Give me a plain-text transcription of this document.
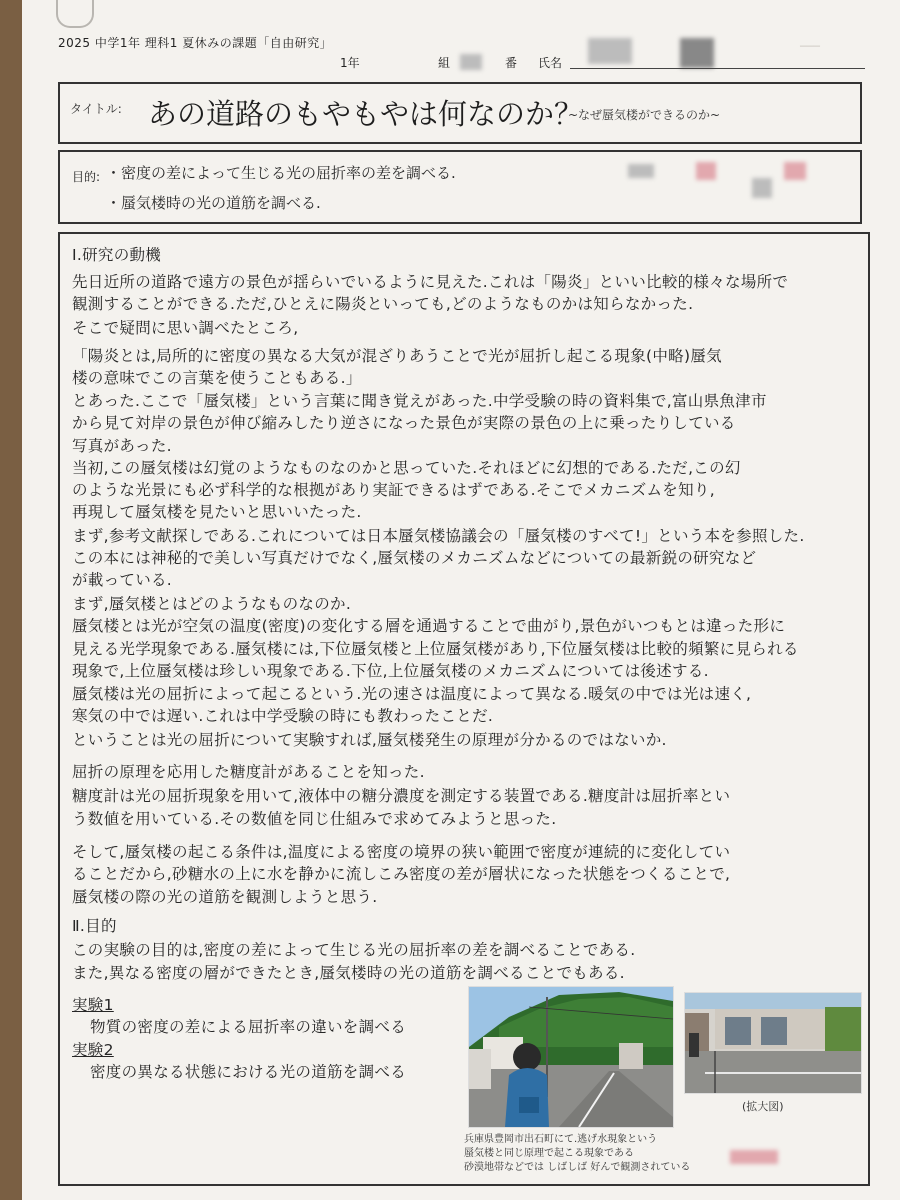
2025 中学1年 理科1 夏休みの課題「自由研究」	───
1年	組	番 氏名
タイトル: あの道路のもやもやは何なのか？
~なぜ蜃気楼ができるのか~
目的: ・密度の差によって生じる光の屈折率の差を調べる.
・蜃気楼時の光の道筋を調べる.
Ⅰ.研究の動機
先日近所の道路で遠方の景色が揺らいでいるように見えた.これは「陽炎」といい比較的様々な場所で
観測することができる.ただ,ひとえに陽炎といっても,どのようなものかは知らなかった.
そこで疑問に思い調べたところ,
「陽炎とは,局所的に密度の異なる大気が混ざりあうことで光が屈折し起こる現象(中略)蜃気
楼の意味でこの言葉を使うこともある.」
とあった.ここで「蜃気楼」という言葉に聞き覚えがあった.中学受験の時の資料集で,富山県魚津市
から見て対岸の景色が伸び縮みしたり逆さになった景色が実際の景色の上に乗ったりしている
写真があった.
当初,この蜃気楼は幻覚のようなものなのかと思っていた.それほどに幻想的である.ただ,この幻
のような光景にも必ず科学的な根拠があり実証できるはずである.そこでメカニズムを知り,
再現して蜃気楼を見たいと思いいたった.
まず,参考文献探しである.これについては日本蜃気楼協議会の「蜃気楼のすべて!」という本を参照した.
この本には神秘的で美しい写真だけでなく,蜃気楼のメカニズムなどについての最新鋭の研究など
が載っている.
まず,蜃気楼とはどのようなものなのか.
蜃気楼とは光が空気の温度(密度)の変化する層を通過することで曲がり,景色がいつもとは違った形に
見える光学現象である.蜃気楼には,下位蜃気楼と上位蜃気楼があり,下位蜃気楼は比較的頻繁に見られる
現象で,上位蜃気楼は珍しい現象である.下位,上位蜃気楼のメカニズムについては後述する.
蜃気楼は光の屈折によって起こるという.光の速さは温度によって異なる.暖気の中では光は速く,
寒気の中では遅い.これは中学受験の時にも教わったことだ.
ということは光の屈折について実験すれば,蜃気楼発生の原理が分かるのではないか.
屈折の原理を応用した糖度計があることを知った.
糖度計は光の屈折現象を用いて,液体中の糖分濃度を測定する装置である.糖度計は屈折率とい
う数値を用いている.その数値を同じ仕組みで求めてみようと思った.
そして,蜃気楼の起こる条件は,温度による密度の境界の狭い範囲で密度が連続的に変化してい
ることだから,砂糖水の上に水を静かに流しこみ密度の差が層状になった状態をつくることで,
蜃気楼の際の光の道筋を観測しようと思う.
Ⅱ.目的
この実験の目的は,密度の差によって生じる光の屈折率の差を調べることである.
また,異なる密度の層ができたとき,蜃気楼時の光の道筋を調べることでもある.
実験1
物質の密度の差による屈折率の違いを調べる
実験2
密度の異なる状態における光の道筋を調べる
兵庫県豊岡市出石町にて.逃げ水現象という
蜃気楼と同じ原理で起こる現象である
砂漠地帯などでは しばしば 好んで観測されている
(拡大図)
